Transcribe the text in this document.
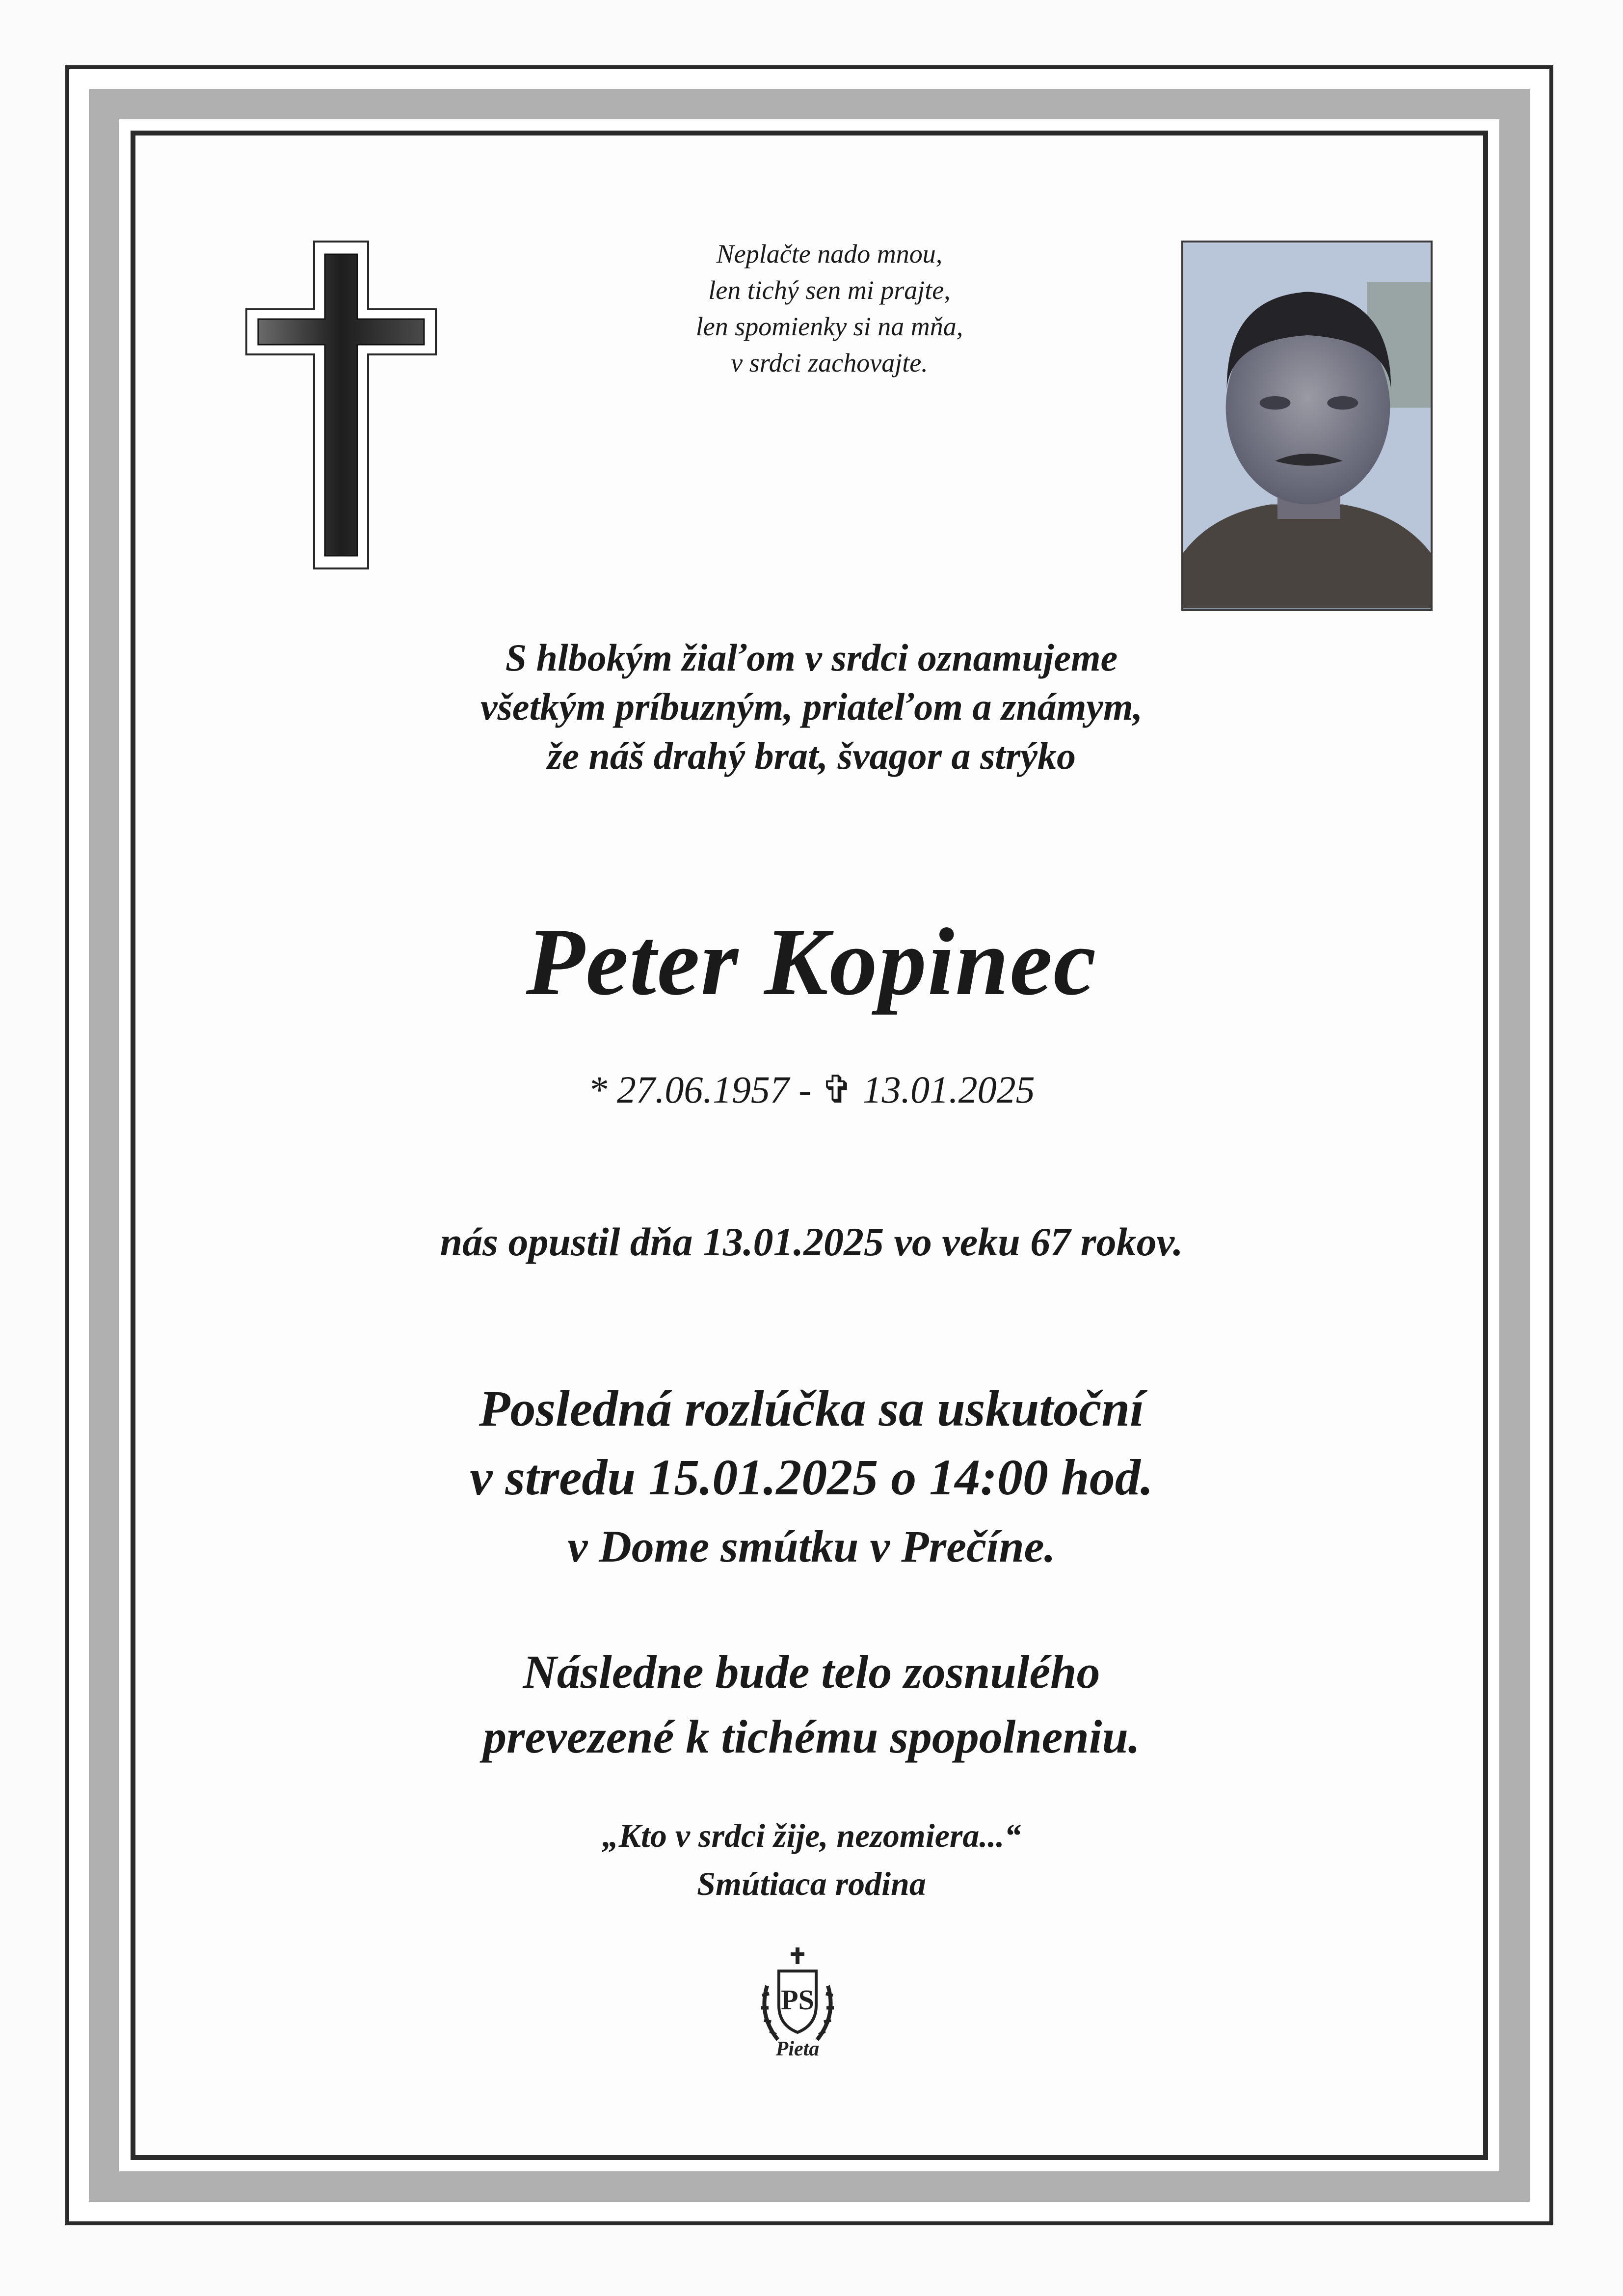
Neplačte nado mnou,
len tichý sen mi prajte,
len spomienky si na mňa,
v srdci zachovajte.
S hlbokým žiaľom v srdci oznamujeme
všetkým príbuzným, priateľom a známym,
že náš drahý brat, švagor a strýko
Peter Kopinec
* 27.06.1957 - ✞ 13.01.2025
nás opustil dňa 13.01.2025 vo veku 67 rokov.
Posledná rozlúčka sa uskutoční
v stredu 15.01.2025 o 14:00 hod.
v Dome smútku v Prečíne.
Následne bude telo zosnulého
prevezené k tichému spopolneniu.
„Kto v srdci žije, nezomiera...“
Smútiaca rodina
PS
Pieta
